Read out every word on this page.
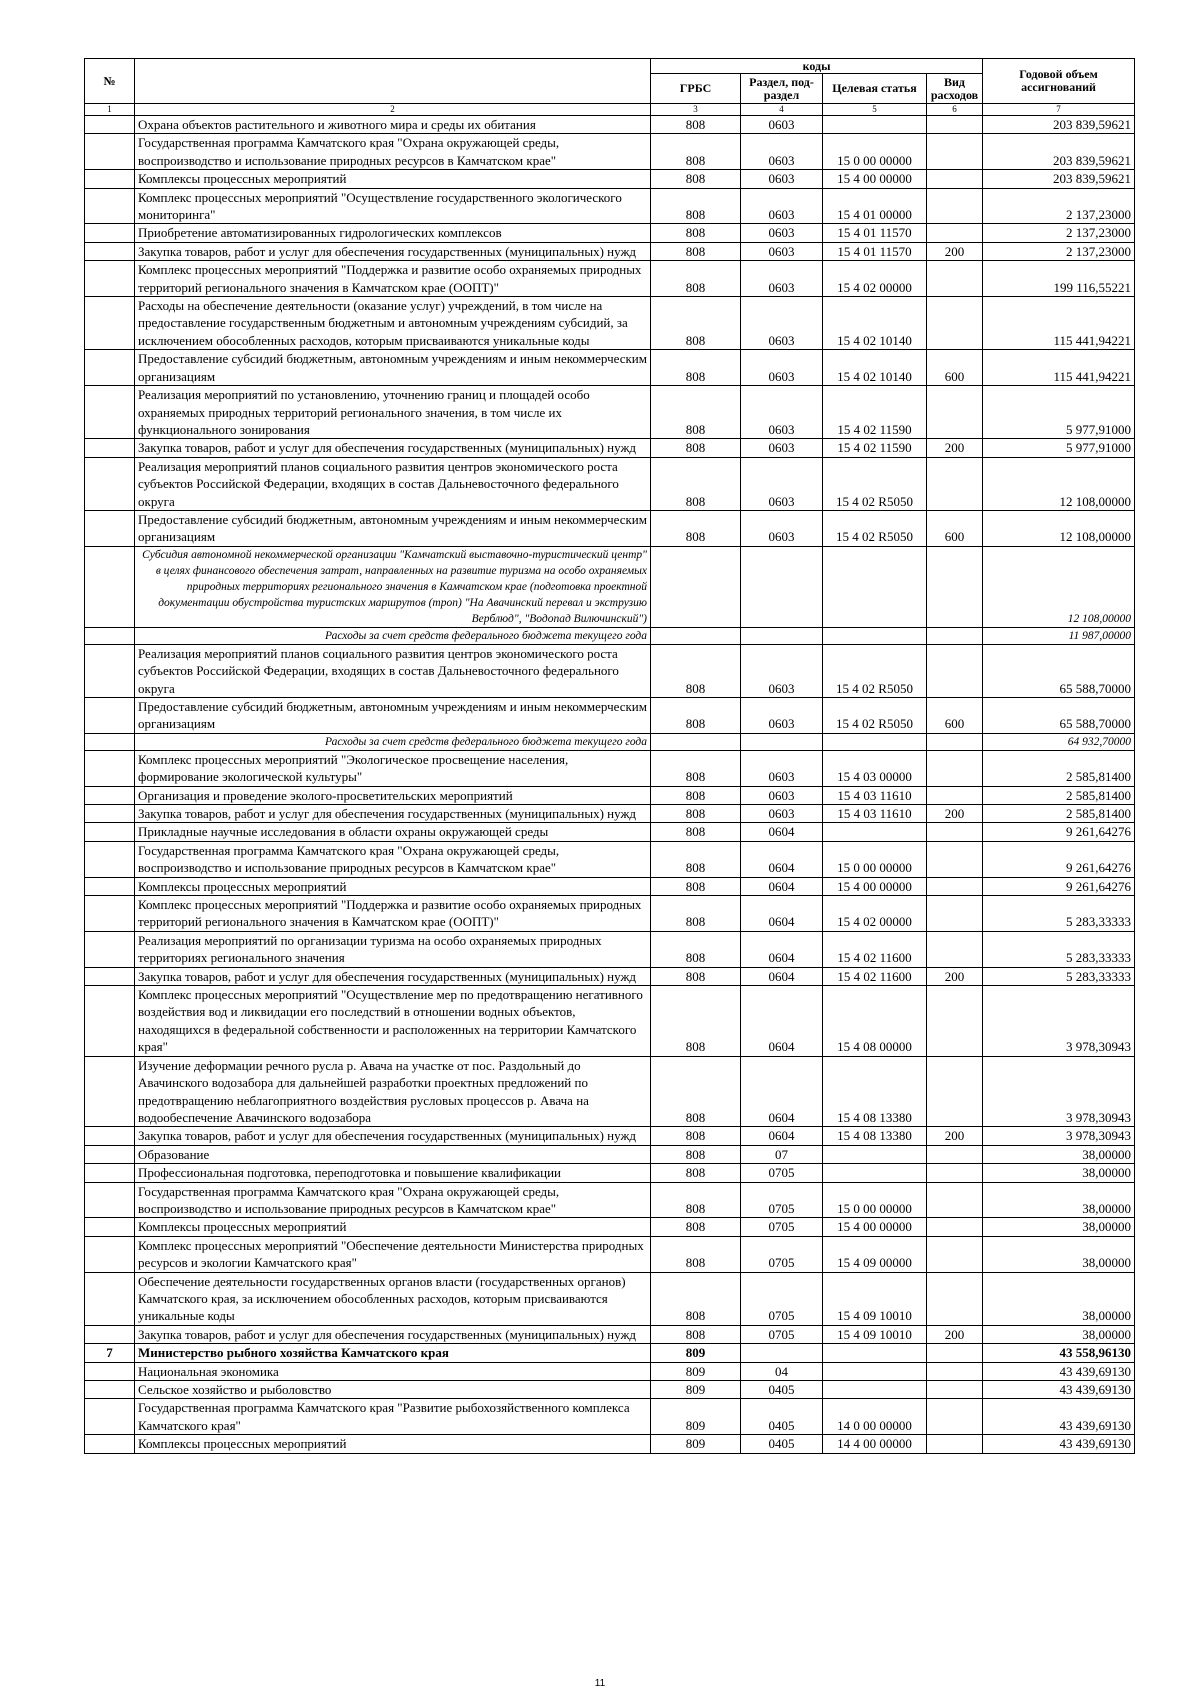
№		коды				Годовой объем ассигнований
		ГРБС	Раздел, под-раздел	Целевая статья	Вид расходов	
1	2	3	4	5	6	7
	Охрана объектов растительного и животного мира и среды их обитания	808	0603			203 839,59621
	Государственная программа Камчатского края "Охрана окружающей среды, воспроизводство и использование природных ресурсов в Камчатском крае"	808	0603	15 0 00 00000		203 839,59621
	Комплексы процессных мероприятий	808	0603	15 4 00 00000		203 839,59621
	Комплекс процессных мероприятий "Осуществление государственного экологического мониторинга"	808	0603	15 4 01 00000		2 137,23000
	Приобретение автоматизированных гидрологических комплексов	808	0603	15 4 01 11570		2 137,23000
	Закупка товаров, работ и услуг для обеспечения государственных (муниципальных) нужд	808	0603	15 4 01 11570	200	2 137,23000
	Комплекс процессных мероприятий "Поддержка и развитие особо охраняемых природных территорий регионального значения в Камчатском крае (ООПТ)"	808	0603	15 4 02 00000		199 116,55221
	Расходы на обеспечение деятельности (оказание услуг) учреждений, в том числе на предоставление государственным бюджетным и автономным учреждениям субсидий, за исключением обособленных расходов, которым присваиваются уникальные коды	808	0603	15 4 02 10140		115 441,94221
	Предоставление субсидий бюджетным, автономным учреждениям и иным некоммерческим организациям	808	0603	15 4 02 10140	600	115 441,94221
	Реализация мероприятий по установлению, уточнению границ и площадей особо охраняемых природных территорий регионального значения, в том числе их функционального зонирования	808	0603	15 4 02 11590		5 977,91000
	Закупка товаров, работ и услуг для обеспечения государственных (муниципальных) нужд	808	0603	15 4 02 11590	200	5 977,91000
	Реализация мероприятий планов социального развития центров экономического роста субъектов Российской Федерации, входящих в состав Дальневосточного федерального округа	808	0603	15 4 02 R5050		12 108,00000
	Предоставление субсидий бюджетным, автономным учреждениям и иным некоммерческим организациям	808	0603	15 4 02 R5050	600	12 108,00000
	Субсидия автономной некоммерческой организации "Камчатский выставочно-туристический центр" в целях финансового обеспечения затрат, направленных на развитие туризма на особо охраняемых природных территориях регионального значения в Камчатском крае (подготовка проектной документации обустройства туристских маршрутов (троп) "На Авачинский перевал и экструзию Верблюд", "Водопад Вилючинский")					12 108,00000
	Расходы за счет средств федерального бюджета текущего года					11 987,00000
	Реализация мероприятий планов социального развития центров экономического роста субъектов Российской Федерации, входящих в состав Дальневосточного федерального округа	808	0603	15 4 02 R5050		65 588,70000
	Предоставление субсидий бюджетным, автономным учреждениям и иным некоммерческим организациям	808	0603	15 4 02 R5050	600	65 588,70000
	Расходы за счет средств федерального бюджета текущего года					64 932,70000
	Комплекс процессных мероприятий "Экологическое просвещение населения, формирование экологической культуры"	808	0603	15 4 03 00000		2 585,81400
	Организация и проведение эколого-просветительских мероприятий	808	0603	15 4 03 11610		2 585,81400
	Закупка товаров, работ и услуг для обеспечения государственных (муниципальных) нужд	808	0603	15 4 03 11610	200	2 585,81400
	Прикладные научные исследования в области охраны окружающей среды	808	0604			9 261,64276
	Государственная программа Камчатского края "Охрана окружающей среды, воспроизводство и использование природных ресурсов в Камчатском крае"	808	0604	15 0 00 00000		9 261,64276
	Комплексы процессных мероприятий	808	0604	15 4 00 00000		9 261,64276
	Комплекс процессных мероприятий "Поддержка и развитие особо охраняемых природных территорий регионального значения в Камчатском крае (ООПТ)"	808	0604	15 4 02 00000		5 283,33333
	Реализация мероприятий по организации туризма на особо охраняемых природных территориях регионального значения	808	0604	15 4 02 11600		5 283,33333
	Закупка товаров, работ и услуг для обеспечения государственных (муниципальных) нужд	808	0604	15 4 02 11600	200	5 283,33333
	Комплекс процессных мероприятий "Осуществление мер по предотвращению негативного воздействия вод и ликвидации его последствий в отношении водных объектов, находящихся в федеральной собственности и расположенных на территории Камчатского края"	808	0604	15 4 08 00000		3 978,30943
	Изучение деформации речного русла р. Авача на участке от пос. Раздольный до Авачинского водозабора для дальнейшей разработки проектных предложений по предотвращению неблагоприятного воздействия русловых процессов р. Авача на водообеспечение Авачинского водозабора	808	0604	15 4 08 13380		3 978,30943
	Закупка товаров, работ и услуг для обеспечения государственных (муниципальных) нужд	808	0604	15 4 08 13380	200	3 978,30943
	Образование	808	07			38,00000
	Профессиональная подготовка, переподготовка и повышение квалификации	808	0705			38,00000
	Государственная программа Камчатского края "Охрана окружающей среды, воспроизводство и использование природных ресурсов в Камчатском крае"	808	0705	15 0 00 00000		38,00000
	Комплексы процессных мероприятий	808	0705	15 4 00 00000		38,00000
	Комплекс процессных мероприятий "Обеспечение деятельности Министерства природных ресурсов и экологии Камчатского края"	808	0705	15 4 09 00000		38,00000
	Обеспечение деятельности государственных органов власти (государственных органов) Камчатского края, за исключением обособленных расходов, которым присваиваются уникальные коды	808	0705	15 4 09 10010		38,00000
	Закупка товаров, работ и услуг для обеспечения государственных (муниципальных) нужд	808	0705	15 4 09 10010	200	38,00000
7	Министерство рыбного хозяйства Камчатского края	809				43 558,96130
	Национальная экономика	809	04			43 439,69130
	Сельское хозяйство и рыболовство	809	0405			43 439,69130
	Государственная программа Камчатского края "Развитие рыбохозяйственного комплекса Камчатского края"	809	0405	14 0 00 00000		43 439,69130
	Комплексы процессных мероприятий	809	0405	14 4 00 00000		43 439,69130
11
